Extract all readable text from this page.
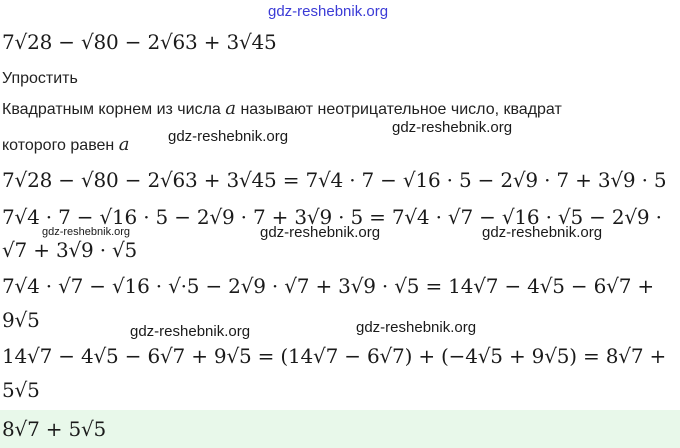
gdz-reshebnik.org
7√28 − √80 − 2√63 + 3√45
Упростить
Квадратным корнем из числа a называют неотрицательное число, квадрат
которого равен a	gdz-reshebnik.org
gdz-reshebnik.org
7√28 − √80 − 2√63 + 3√45 = 7√4 · 7 − √16 · 5 − 2√9 · 7 + 3√9 · 5
7√4 · 7 − √16 · 5 − 2√9 · 7 + 3√9 · 5 = 7√4 · √7 − √16 · √5 − 2√9 ·
gdz-reshebnik.org	gdz-reshebnik.org	gdz-reshebnik.org
√7 + 3√9 · √5
7√4 · √7 − √16 · √·5 − 2√9 · √7 + 3√9 · √5 = 14√7 − 4√5 − 6√7 +
9√5	gdz-reshebnik.org	gdz-reshebnik.org
14√7 − 4√5 − 6√7 + 9√5 = (14√7 − 6√7) + (−4√5 + 9√5) = 8√7 +
5√5
8√7 + 5√5
